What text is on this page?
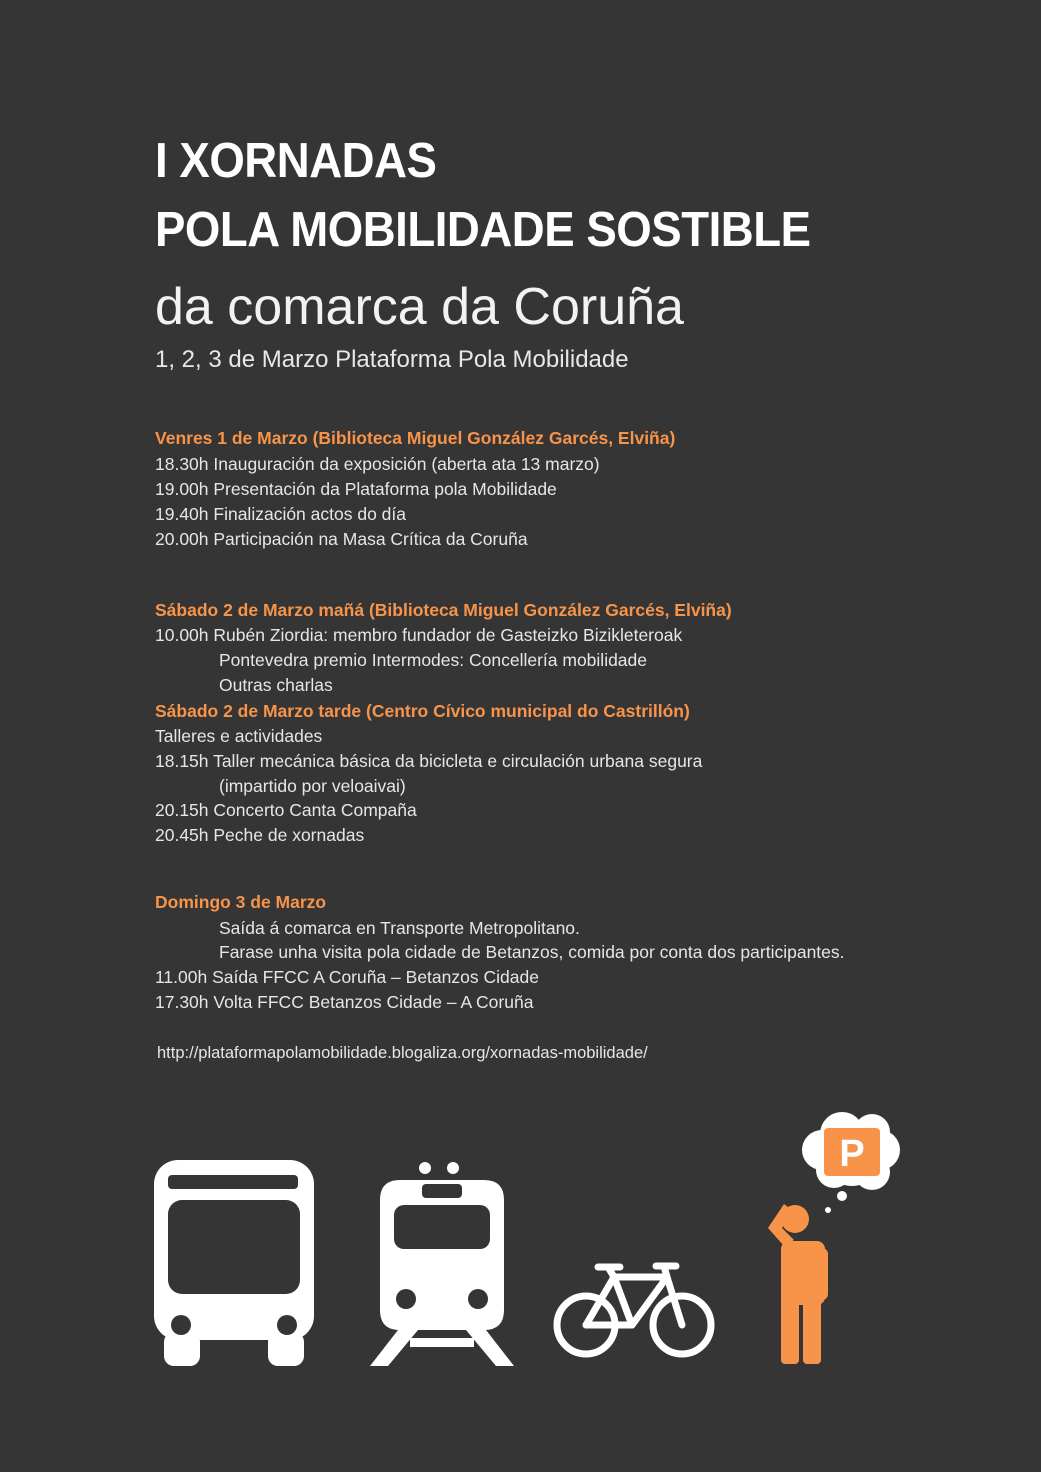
I XORNADAS
POLA MOBILIDADE SOSTIBLE
da comarca da Coruña
1, 2, 3 de Marzo Plataforma Pola Mobilidade
Venres 1 de Marzo (Biblioteca Miguel González Garcés, Elviña)
18.30h Inauguración da exposición (aberta ata 13 marzo)
19.00h Presentación da Plataforma pola Mobilidade
19.40h Finalización actos do día
20.00h Participación na Masa Crítica da Coruña
Sábado 2 de Marzo mañá (Biblioteca Miguel González Garcés, Elviña)
10.00h Rubén Ziordia: membro fundador de Gasteizko Bizikleteroak
Pontevedra premio Intermodes: Concellería mobilidade
Outras charlas
Sábado 2 de Marzo tarde (Centro Cívico municipal do Castrillón)
Talleres e actividades
18.15h Taller mecánica básica da bicicleta e circulación urbana segura
(impartido por veloaivai)
20.15h Concerto Canta Compaña
20.45h Peche de xornadas
Domingo 3 de Marzo
Saída á comarca en Transporte Metropolitano.
Farase unha visita pola cidade de Betanzos, comida por conta dos participantes.
11.00h Saída FFCC A Coruña – Betanzos Cidade
17.30h Volta FFCC Betanzos Cidade – A Coruña
http://plataformapolamobilidade.blogaliza.org/xornadas-mobilidade/
P
